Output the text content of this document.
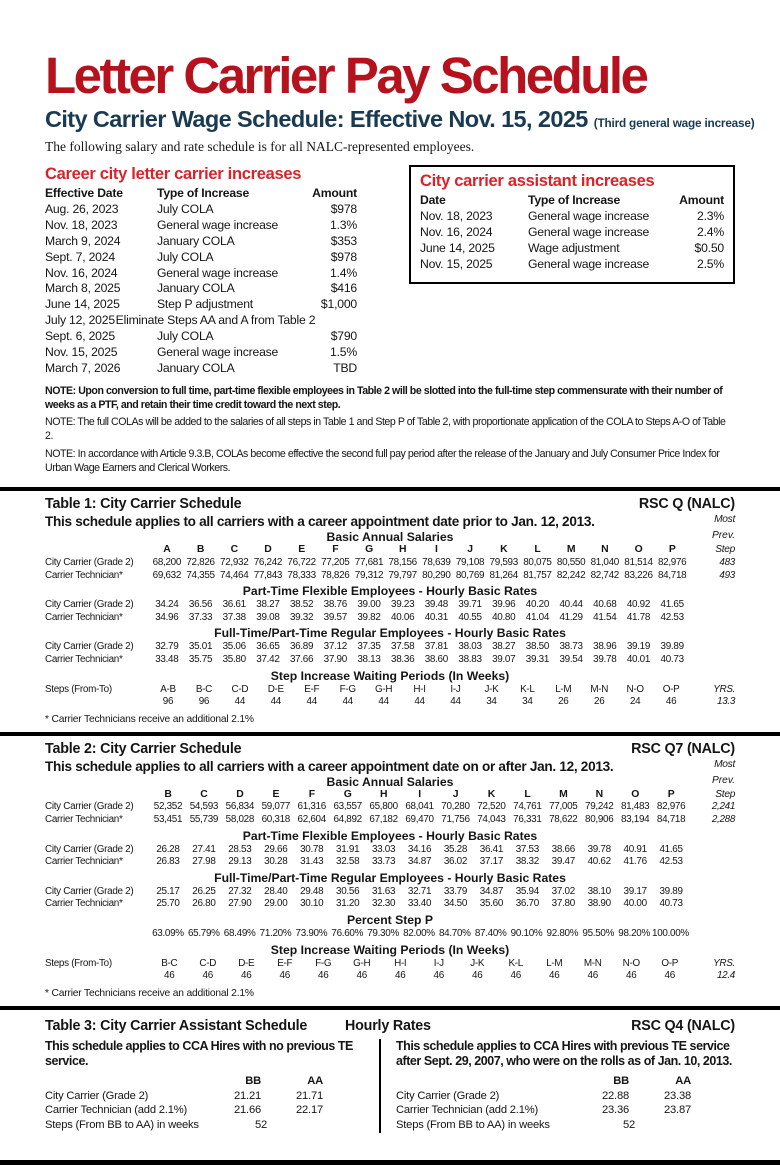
Letter Carrier Pay Schedule
City Carrier Wage Schedule: Effective Nov. 15, 2025 (Third general wage increase)

The following salary and rate schedule is for all NALC-represented employees.

Career city letter carrier increases
Effective Date	Type of Increase	Amount
Aug. 26, 2023	July COLA	$978
Nov. 18, 2023	General wage increase	1.3%
March 9, 2024	January COLA	$353
Sept. 7, 2024	July COLA	$978
Nov. 16, 2024	General wage increase	1.4%
March 8, 2025	January COLA	$416
June 14, 2025	Step P adjustment	$1,000
July 12, 2025 Eliminate Steps AA and A from Table 2
Sept. 6, 2025	July COLA	$790
Nov. 15, 2025	General wage increase	1.5%
March 7, 2026	January COLA	TBD
City carrier assistant increases
Date	Type of Increase	Amount
Nov. 18, 2023	General wage increase	2.3%
Nov. 16, 2024	General wage increase	2.4%
June 14, 2025	Wage adjustment	$0.50
Nov. 15, 2025	General wage increase	2.5%

NOTE: Upon conversion to full time, part-time flexible employees in Table 2 will be slotted into the full-time step commensurate with their number of weeks as a PTF, and retain their time credit toward the next step.

NOTE: The full COLAs will be added to the salaries of all steps in Table 1 and Step P of Table 2, with proportionate application of the COLA to Steps A-O of Table 2.

NOTE: In accordance with Article 9.3.B, COLAs become effective the second full pay period after the release of the January and July Consumer Price Index for Urban Wage Earners and Clerical Workers.

Table 1: City Carrier Schedule	RSC Q (NALC)
This schedule applies to all carriers with a career appointment date prior to Jan. 12, 2013.	Most
Basic Annual Salaries	Prev.
A	B	C	D	E	F	G	H	I	J	K	L	M	N	O	P	Step
City Carrier (Grade 2)	68,200 72,826 72,932 76,242 76,722 77,205 77,681 78,156 78,639 79,108 79,593 80,075 80,550 81,040 81,514 82,976	483
Carrier Technician*	69,632 74,355 74,464 77,843 78,333 78,826 79,312 79,797 80,290 80,769 81,264 81,757 82,242 82,742 83,226 84,718	493
Part-Time Flexible Employees - Hourly Basic Rates
City Carrier (Grade 2)	34.24	36.56	36.61	38.27	38.52	38.76	39.00	39.23	39.48	39.71	39.96	40.20	40.44	40.68	40.92	41.65
Carrier Technician*	34.96	37.33	37.38	39.08	39.32	39.57	39.82	40.06	40.31	40.55	40.80	41.04	41.29	41.54	41.78	42.53
Full-Time/Part-Time Regular Employees - Hourly Basic Rates
City Carrier (Grade 2)	32.79	35.01	35.06	36.65	36.89	37.12	37.35	37.58	37.81	38.03	38.27	38.50	38.73	38.96	39.19	39.89
Carrier Technician*	33.48	35.75	35.80	37.42	37.66	37.90	38.13	38.36	38.60	38.83	39.07	39.31	39.54	39.78	40.01	40.73
Step Increase Waiting Periods (In Weeks)
Steps (From-To)	A-B	B-C	C-D	D-E	E-F	F-G	G-H	H-I	I-J	J-K	K-L	L-M	M-N	N-O	O-P	YRS.
96	96	44	44	44	44	44	44	44	34	34	26	26	24	46	13.3
* Carrier Technicians receive an additional 2.1%
Table 2: City Carrier Schedule	RSC Q7 (NALC)
This schedule applies to all carriers with a career appointment date on or after Jan. 12, 2013.	Most
Basic Annual Salaries	Prev.
B	C	D	E	F	G	H	I	J	K	L	M	N	O	P	Step
City Carrier (Grade 2)	52,352 54,593 56,834 59,077 61,316 63,557 65,800 68,041 70,280 72,520 74,761 77,005 79,242 81,483 82,976	2,241
Carrier Technician*	53,451 55,739 58,028 60,318 62,604 64,892 67,182 69,470 71,756 74,043 76,331 78,622 80,906 83,194 84,718	2,288
Part-Time Flexible Employees - Hourly Basic Rates
City Carrier (Grade 2)	26.28	27.41	28.53	29.66	30.78	31.91	33.03	34.16	35.28	36.41	37.53	38.66	39.78	40.91	41.65
Carrier Technician*	26.83	27.98	29.13	30.28	31.43	32.58	33.73	34.87	36.02	37.17	38.32	39.47	40.62	41.76	42.53
Full-Time/Part-Time Regular Employees - Hourly Basic Rates
City Carrier (Grade 2)	25.17	26.25	27.32	28.40	29.48	30.56	31.63	32.71	33.79	34.87	35.94	37.02	38.10	39.17	39.89
Carrier Technician*	25.70	26.80	27.90	29.00	30.10	31.20	32.30	33.40	34.50	35.60	36.70	37.80	38.90	40.00	40.73
Percent Step P
63.09% 65.79% 68.49% 71.20% 73.90% 76.60% 79.30% 82.00% 84.70% 87.40% 90.10% 92.80% 95.50% 98.20% 100.00%
Step Increase Waiting Periods (In Weeks)
Steps (From-To)	B-C	C-D	D-E	E-F	F-G	G-H	H-I	I-J	J-K	K-L	L-M	M-N	N-O	O-P	YRS.
46	46	46	46	46	46	46	46	46	46	46	46	46	46	12.4
* Carrier Technicians receive an additional 2.1%
Table 3: City Carrier Assistant Schedule	Hourly Rates	RSC Q4 (NALC)
This schedule applies to CCA Hires with no previous TE service.
BB	AA
City Carrier (Grade 2)	21.21	21.71
Carrier Technician (add 2.1%)	21.66	22.17
Steps (From BB to AA) in weeks	52
This schedule applies to CCA Hires with previous TE service after Sept. 29, 2007, who were on the rolls as of Jan. 10, 2013.
BB	AA
City Carrier (Grade 2)	22.88	23.38
Carrier Technician (add 2.1%)	23.36	23.87
Steps (From BB to AA) in weeks	52
